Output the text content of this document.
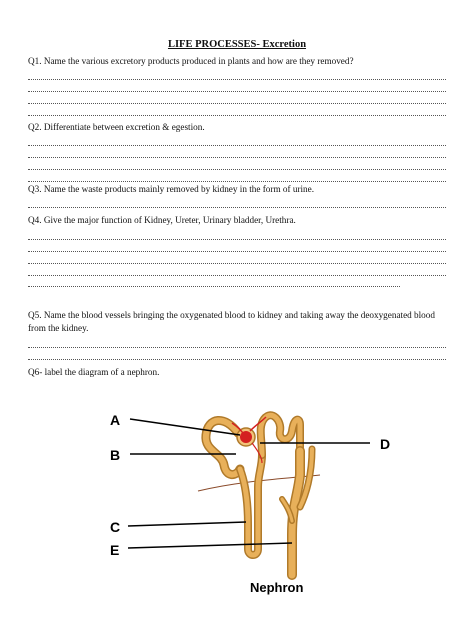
LIFE PROCESSES- Excretion
Q1. Name the various excretory products produced in plants and how are they removed?
Q2. Differentiate between excretion & egestion.
Q3. Name the waste products mainly removed by kidney in the form of urine.
Q4. Give the major function of Kidney, Ureter, Urinary bladder, Urethra.
Q5. Name the blood vessels bringing the oxygenated blood to kidney and taking away the deoxygenated blood from the kidney.
Q6- label the diagram of a nephron.
A
B
C
D
E
Nephron
